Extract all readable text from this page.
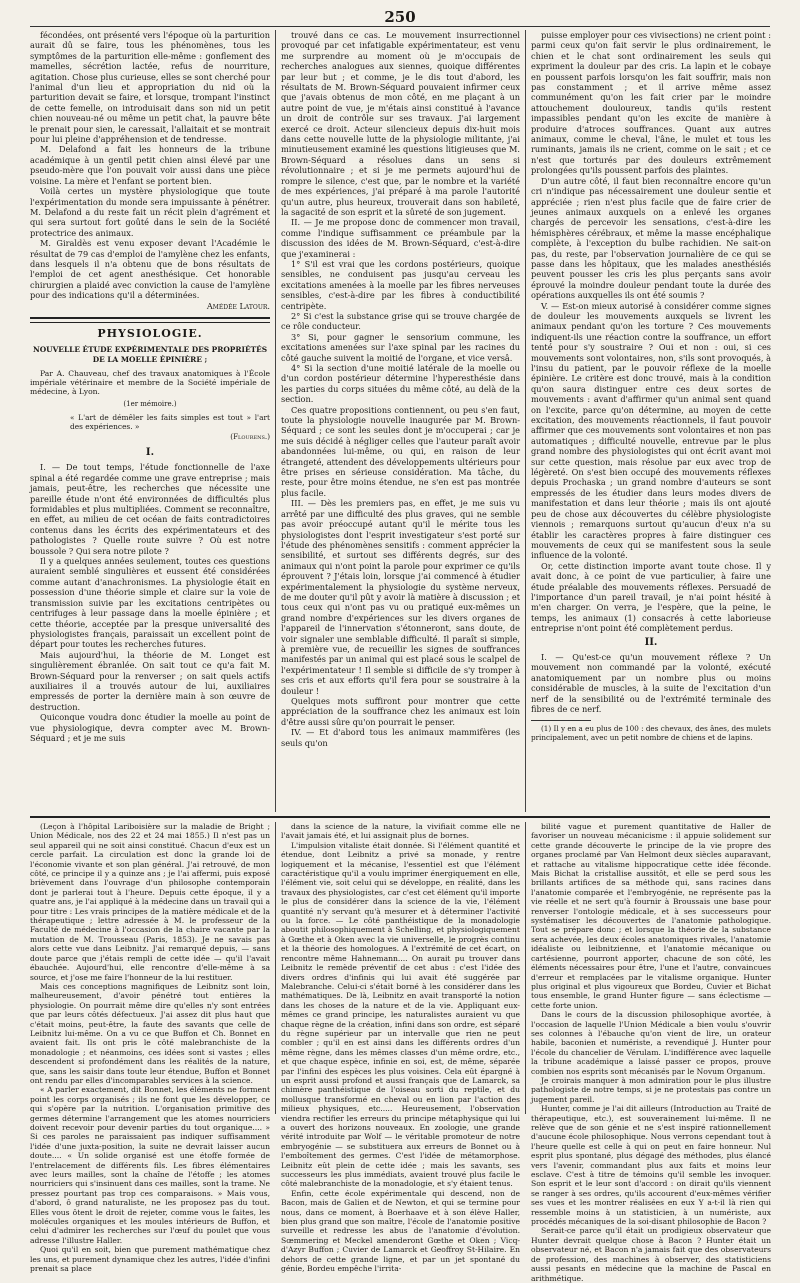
250

fécondées, ont présenté vers l'époque où la parturition aurait dû se faire, tous les phénomènes, tous les symptômes de la parturition elle-même : gonflement des mamelles, sécrétion lactée, refus de nourriture, agitation. Chose plus curieuse, elles se sont cherché pour l'animal d'un lieu et appropriation du nid où la parturition devait se faire, et lorsque, trompant l'instinct de cette femelle, on introduisait dans son nid un petit chien nouveau-né ou même un petit chat, la pauvre bête le prenait pour sien, le caressait, l'allaitait et se montrait pour lui pleine d'appréhension et de tendresse.

M. Delafond a fait les honneurs de la tribune académique à un gentil petit chien ainsi élevé par une pseudo-mère que l'on pouvait voir aussi dans une pièce voisine. La mère et l'enfant se portent bien.

Voilà certes un mystère physiologique que toute l'expérimentation du monde sera impuissante à pénétrer. M. Delafond a du reste fait un récit plein d'agrément et qui sera surtout fort goûté dans le sein de la Société protectrice des animaux.

M. Giraldès est venu exposer devant l'Académie le résultat de 79 cas d'emploi de l'amylène chez les enfants, dans lesquels il n'a obtenu que de bons résultats de l'emploi de cet agent anesthésique. Cet honorable chirurgien a plaidé avec conviction la cause de l'amylène pour des indications qu'il a déterminées.

Amédée Latour.

PHYSIOLOGIE.
NOUVELLE ÉTUDE EXPÉRIMENTALE DES PROPRIÉTÉS DE LA MOELLE ÉPINIÈRE ;

Par A. Chauveau, chef des travaux anatomiques à l'École impériale vétérinaire et membre de la Société impériale de médecine, à Lyon.

(1er mémoire.)
« L'art de démêler les faits simples est tout » l'art des expériences. »
(Flourens.)
I.

I. — De tout temps, l'étude fonctionnelle de l'axe spinal a été regardée comme une grave entreprise ; mais jamais, peut-être, les recherches que nécessite une pareille étude n'ont été environnées de difficultés plus formidables et plus multipliées. Comment se reconnaître, en effet, au milieu de cet océan de faits contradictoires contenus dans les écrits des expérimentateurs et des pathologistes ? Quelle route suivre ? Où est notre boussole ? Qui sera notre pilote ?

Il y a quelques années seulement, toutes ces questions auraient semblé singulières et eussent été considérées comme autant d'anachronismes. La physiologie était en possession d'une théorie simple et claire sur la voie de transmission suivie par les excitations centripètes ou centrifuges à leur passage dans la moelle épinière ; et cette théorie, acceptée par la presque universalité des physiologistes français, paraissait un excellent point de départ pour toutes les recherches futures.

Mais aujourd'hui, la théorie de M. Longet est singulièrement ébranlée. On sait tout ce qu'a fait M. Brown-Séquard pour la renverser ; on sait quels actifs auxiliaires il a trouvés autour de lui, auxiliaires empressés de porter la dernière main à son œuvre de destruction.

Quiconque voudra donc étudier la moelle au point de vue physiologique, devra compter avec M. Brown-Séquard ; et je me suis

trouvé dans ce cas. Le mouvement insurrectionnel provoqué par cet infatigable expérimentateur, est venu me surprendre au moment où je m'occupais de recherches analogues aux siennes, quoique différentes par leur but ; et comme, je le dis tout d'abord, les résultats de M. Brown-Séquard pouvaient infirmer ceux que j'avais obtenus de mon côté, en me plaçant à un autre point de vue, je m'étais ainsi constitué à l'avance un droit de contrôle sur ses travaux. J'ai largement exercé ce droit. Acteur silencieux depuis dix-huit mois dans cette nouvelle lutte de la physiologie militante, j'ai minutieusement examiné les questions litigieuses que M. Brown-Séquard a résolues dans un sens si révolutionnaire ; et si je me permets aujourd'hui de rompre le silence, c'est que, par le nombre et la variété de mes expériences, j'ai préparé à ma parole l'autorité qu'un autre, plus heureux, trouverait dans son habileté, la sagacité de son esprit et la sûreté de son jugement.

II. — Je me propose donc de commencer mon travail, comme l'indique suffisamment ce préambule par la discussion des idées de M. Brown-Séquard, c'est-à-dire que j'examinerai :

1° S'il est vrai que les cordons postérieurs, quoique sensibles, ne conduisent pas jusqu'au cerveau les excitations amenées à la moelle par les fibres nerveuses sensibles, c'est-à-dire par les fibres à conductibilité centripète.

2° Si c'est la substance grise qui se trouve chargée de ce rôle conducteur.

3° Si, pour gagner le sensorium commune, les excitations amenées sur l'axe spinal par les racines du côté gauche suivent la moitié de l'organe, et vice versâ.

4° Si la section d'une moitié latérale de la moelle ou d'un cordon postérieur détermine l'hyperesthésie dans les parties du corps situées du même côté, au delà de la section.

Ces quatre propositions contiennent, ou peu s'en faut, toute la physiologie nouvelle inaugurée par M. Brown-Séquard ; ce sont les seules dont je m'occuperai ; car je me suis décidé à négliger celles que l'auteur paraît avoir abandonnées lui-même, ou qui, en raison de leur étrangeté, attendent des développements ultérieurs pour être prises en sérieuse considération. Ma tâche, du reste, pour être moins étendue, ne s'en est pas montrée plus facile.

III. — Dès les premiers pas, en effet, je me suis vu arrêté par une difficulté des plus graves, qui ne semble pas avoir préoccupé autant qu'il le mérite tous les physiologistes dont l'esprit investigateur s'est porté sur l'étude des phénomènes sensitifs : comment apprécier la sensibilité, et surtout ses différents degrés, sur des animaux qui n'ont point la parole pour exprimer ce qu'ils éprouvent ? J'étais loin, lorsque j'ai commencé à étudier expérimentalement la physiologie du système nerveux, de me douter qu'il pût y avoir là matière à discussion ; et tous ceux qui n'ont pas vu ou pratiqué eux-mêmes un grand nombre d'expériences sur les divers organes de l'appareil de l'innervation s'étonneront, sans doute, de voir signaler une semblable difficulté. Il paraît si simple, à première vue, de recueillir les signes de souffrances manifestés par un animal qui est placé sous le scalpel de l'expérimentateur ! Il semble si difficile de s'y tromper à ses cris et aux efforts qu'il fera pour se soustraire à la douleur !

Quelques mots suffiront pour montrer que cette appréciation de la souffrance chez les animaux est loin d'être aussi sûre qu'on pourrait le penser.

IV. — Et d'abord tous les animaux mammifères (les seuls qu'on

puisse employer pour ces vivisections) ne crient point : parmi ceux qu'on fait servir le plus ordinairement, le chien et le chat sont ordinairement les seuls qui expriment la douleur par des cris. La lapin et le cobaye en poussent parfois lorsqu'on les fait souffrir, mais non pas constamment ; et il arrive même assez communément qu'on les fait crier par le moindre attouchement douloureux, tandis qu'ils restent impassibles pendant qu'on les excite de manière à produire d'atroces souffrances. Quant aux autres animaux, comme le cheval, l'âne, le mulet et tous les ruminants, jamais ils ne crient, comme on le sait ; et ce n'est que torturés par des douleurs extrêmement prolongées qu'ils poussent parfois des plaintes.

D'un autre côté, il faut bien reconnaître encore qu'un cri n'indique pas nécessairement une douleur sentie et appréciée ; rien n'est plus facile que de faire crier de jeunes animaux auxquels on a enlevé les organes chargés de percevoir les sensations, c'est-à-dire les hémisphères cérébraux, et même la masse encéphalique complète, à l'exception du bulbe rachidien. Ne sait-on pas, du reste, par l'observation journalière de ce qui se passe dans les hôpitaux, que les malades anesthésiés peuvent pousser les cris les plus perçants sans avoir éprouvé la moindre douleur pendant toute la durée des opérations auxquelles ils ont été soumis ?

V. — Est-on mieux autorisé à considérer comme signes de douleur les mouvements auxquels se livrent les animaux pendant qu'on les torture ? Ces mouvements indiquent-ils une réaction contre la souffrance, un effort tenté pour s'y soustraire ? Oui et non : oui, si ces mouvements sont volontaires, non, s'ils sont provoqués, à l'insu du patient, par le pouvoir réflexe de la moelle épinière. Le critère est donc trouvé, mais à la condition qu'on saura distinguer entre ces deux sortes de mouvements : avant d'affirmer qu'un animal sent quand on l'excite, parce qu'on détermine, au moyen de cette excitation, des mouvements réactionnels, il faut pouvoir affirmer que ces mouvements sont volontaires et non pas automatiques ; difficulté nouvelle, entrevue par le plus grand nombre des physiologistes qui ont écrit avant moi sur cette question, mais résolue par eux avec trop de légèreté. On s'est bien occupé des mouvements réflexes depuis Prochaska ; un grand nombre d'auteurs se sont empressés de les étudier dans leurs modes divers de manifestation et dans leur théorie ; mais ils ont ajouté peu de chose aux découvertes du célèbre physiologiste viennois ; remarquons surtout qu'aucun d'eux n'a su établir les caractères propres à faire distinguer ces mouvements de ceux qui se manifestent sous la seule influence de la volonté.

Or, cette distinction importe avant toute chose. Il y avait donc, à ce point de vue particulier, à faire une étude préalable des mouvements réflexes. Persuadé de l'importance d'un pareil travail, je n'ai point hésité à m'en charger. On verra, je l'espère, que la peine, le temps, les animaux (1) consacrés à cette laborieuse entreprise n'ont point été complètement perdus.

II.

I. — Qu'est-ce qu'un mouvement réflexe ? Un mouvement non commandé par la volonté, exécuté anatomiquement par un nombre plus ou moins considérable de muscles, à la suite de l'excitation d'un nerf de la sensibilité ou de l'extrémité terminale des fibres de ce nerf.

(1) Il y en a eu plus de 100 : des chevaux, des ânes, des mulets principalement, avec un petit nombre de chiens et de lapins.

(Leçon à l'hôpital Lariboisière sur la maladie de Bright ; Union Médicale, nos des 22 et 24 mai 1855.) Il n'est pas un seul appareil qui ne soit ainsi constitué. Chacun d'eux est un cercle parfait. La circulation est donc la grande loi de l'économie vivante et son plan général. J'ai retrouvé, de mon côté, ce principe il y a quinze ans ; je l'ai affermi, puis exposé brièvement dans l'ouvrage d'un philosophe contemporain dont je parlerai tout à l'heure. Depuis cette époque, il y a quatre ans, je l'ai appliqué à la médecine dans un travail qui a pour titre : Les vrais principes de la matière médicale et de la thérapeutique ; lettre adressée à M. le professeur de la Faculté de médecine à l'occasion de la chaire vacante par la mutation de M. Trousseau (Paris, 1853). Je ne savais pas alors cette vue dans Leibnitz. J'ai remarqué depuis, — sans doute parce que j'étais rempli de cette idée — qu'il l'avait ébauchée. Aujourd'hui, elle rencontre d'elle-même à sa source, et j'ose me faire l'honneur de la lui restituer.

Mais ces conceptions magnifiques de Leibnitz sont loin, malheureusement, d'avoir pénétré tout entières la physiologie. On pourrait même dire qu'elles n'y sont entrées que par leurs côtés défectueux. J'ai assez dit plus haut que c'était moins, peut-être, la faute des savants que celle de Leibnitz lui-même. On a vu ce que Buffon et Ch. Bonnet en avaient fait. Ils ont pris le côté malebranchiste de la monadologie ; et néanmoins, ces idées sont si vastes ; elles descendent si profondément dans les réalités de la nature, que, sans les saisir dans toute leur étendue, Buffon et Bonnet ont rendu par elles d'incomparables services à la science.

« A parler exactement, dit Bonnet, les éléments ne forment point les corps organisés ; ils ne font que les développer, ce qui s'opère par la nutrition. L'organisation primitive des germes détermine l'arrangement que les atomes nourriciers doivent recevoir pour devenir parties du tout organique.... » Si ces paroles ne paraissaient pas indiquer suffisamment l'idée d'une juxta-position, la suite ne devrait laisser aucun doute.... « Un solide organisé est une étoffe formée de l'entrelacement de différents fils. Les fibres élémentaires avec leurs mailles, sont la chaîne de l'étoffe ; les atomes nourriciers qui s'insinuent dans ces mailles, sont la trame. Ne pressez pourtant pas trop ces comparaisons. » Mais vous, d'abord, ô grand naturaliste, ne les proposez pas du tout. Elles vous ôtent le droit de rejeter, comme vous le faites, les molécules organiques et les moules intérieurs de Buffon, et celui d'admirer les recherches sur l'œuf du poulet que vous adresse l'illustre Haller.

Quoi qu'il en soit, bien que purement mathématique chez les uns, et purement dynamique chez les autres, l'idée d'infini prenait sa place

dans la science de la nature, la vivifiait comme elle ne l'avait jamais été, et lui assignait plus de bornes.

L'impulsion vitaliste était donnée. Si l'élément quantité et étendue, dont Leibnitz a privé sa monade, y rentre logiquement et la mécanise, l'essentiel est que l'élément caractéristique qu'il a voulu imprimer énergiquement en elle, l'élément vie, soit celui qui se développe, en réalité, dans les travaux des physiologistes, car c'est cet élément qu'il importe le plus de considérer dans la science de la vie, l'élément quantité n'y servant qu'à mesurer et à déterminer l'activité ou la force. — Le côté panthéistique de la monadologie aboutit philosophiquement à Schelling, et physiologiquement à Gœthe et à Oken avec la vie universelle, le progrès continu et la théorie des homologues. A l'extrémité de cet écart, on rencontre même Hahnemann.... On aurait pu trouver dans Leibnitz le remède préventif de cet abus : c'est l'idée des divers ordres d'infinis qui lui avait été suggérée par Malebranche. Celui-ci s'était borné à les considérer dans les mathématiques. De là, Leibnitz en avait transporté la notion dans les choses de la nature et de la vie. Appliquant eux-mêmes ce grand principe, les naturalistes auraient vu que chaque règne de la création, infini dans son ordre, est séparé du règne supérieur par un intervalle que rien ne peut combler ; qu'il en est ainsi dans les différents ordres d'un même règne, dans les mêmes classes d'un même ordre, etc., et que chaque espèce, infinie en soi, est, de même, séparée par l'infini des espèces les plus voisines. Cela eût épargné à un esprit aussi profond et aussi français que de Lamarck, sa chimère panthéistique de l'oiseau sorti du reptile, et du mollusque transformé en cheval ou en lion par l'action des milieux physiques, etc..... Heureusement, l'observation viendra rectifier les erreurs du principe métaphysique qui lui a ouvert des horizons nouveaux. En zoologie, une grande vérité introduite par Wolf — le véritable promoteur de notre embryogénie — se substituera aux erreurs de Bonnet ou à l'emboîtement des germes. C'est l'idée de métamorphose. Leibnitz eût plein de cette idée ; mais les savants, ses successeurs les plus immédiats, avaient trouvé plus facile le côté malebranchiste de la monadologie, et s'y étaient tenus.

Enfin, cette école expérimentale qui descend, non de Bacon, mais de Galien et de Newton, et qui se termine pour nous, dans ce moment, à Boerhaave et à son élève Haller, bien plus grand que son maître, l'école de l'anatomie positive surveille et redresse les abus de l'anatomie d'évolution. Sœmmering et Meckel amenderont Gœthe et Oken ; Vicq-d'Azyr Buffon ; Cuvier de Lamarck et Geoffroy St-Hilaire. En dehors de cette grande ligne, et par un jet spontané du génie, Bordeu empêche l'irrita-

bilité vague et purement quantitative de Haller de favoriser un nouveau mécanicisme : il appuie solidement sur cette grande découverte le principe de la vie propre des organes proclamé par Van Helmont deux siècles auparavant, et rattache au vitalisme hippocratique cette idée féconde. Mais Bichat la cristallise aussitôt, et elle se perd sous les brillants artifices de sa méthode qui, sans racines dans l'anatomie comparée et l'embryogénie, ne représente pas la vie réelle et ne sert qu'à fournir à Broussais une base pour renverser l'ontologie médicale, et à ses successeurs pour systématiser les découvertes de l'anatomie pathologique. Tout se prépare donc ; et lorsque la théorie de la substance sera achevée, les deux écoles anatomiques rivales, l'anatomie idéaliste ou leibnitzienne, et l'anatomie mécanique ou cartésienne, pourront apporter, chacune de son côté, les éléments nécessaires pour être, l'une et l'autre, convaincues d'erreur et remplacées par le vitalisme organique. Hunter plus original et plus vigoureux que Bordeu, Cuvier et Bichat tous ensemble, le grand Hunter figure — sans éclectisme — cette forte union.

Dans le cours de la discussion philosophique avortée, à l'occasion de laquelle l'Union Médicale a bien voulu s'ouvrir ses colonnes à l'ébauche qu'on vient de lire, un orateur habile, baconien et numériste, a revendiqué J. Hunter pour l'école du chancelier de Vérulam. L'indifférence avec laquelle la tribune académique a laissé passer ce propos, prouve combien nos esprits sont mécanisés par le Novum Organum.

Je croirais manquer à mon admiration pour le plus illustre pathologiste de notre temps, si je ne protestais pas contre un jugement pareil.

Hunter, comme je l'ai dit ailleurs (Introduction au Traité de thérapeutique, etc.), est souverainement lui-même. Il ne relève que de son génie et ne s'est inspiré rationnellement d'aucune école philosophique. Nous verrons cependant tout à l'heure quelle est celle à qui on peut en faire honneur. Nul esprit plus spontané, plus dégagé des méthodes, plus élancé vers l'avenir, commandant plus aux faits et moins leur esclave. C'est à titre de témoins qu'il semble les invoquer. Son esprit et le leur sont d'accord : on dirait qu'ils viennent se ranger à ses ordres, qu'ils accourent d'eux-mêmes vérifier ses vues et les montrer réalisées en eux Y a-t-il là rien qui ressemble moins à un statisticien, à un numériste, aux procédés mécaniques de la soi-disant philosophie de Bacon ?

Serait-ce parce qu'il était un prodigieux observateur que Hunter devrait quelque chose à Bacon ? Hunter était un observateur né, et Bacon n'a jamais fait que des observateurs de profession, des machines à observer, des statisticiens aussi pesants en médecine que la machine de Pascal en arithmétique.
